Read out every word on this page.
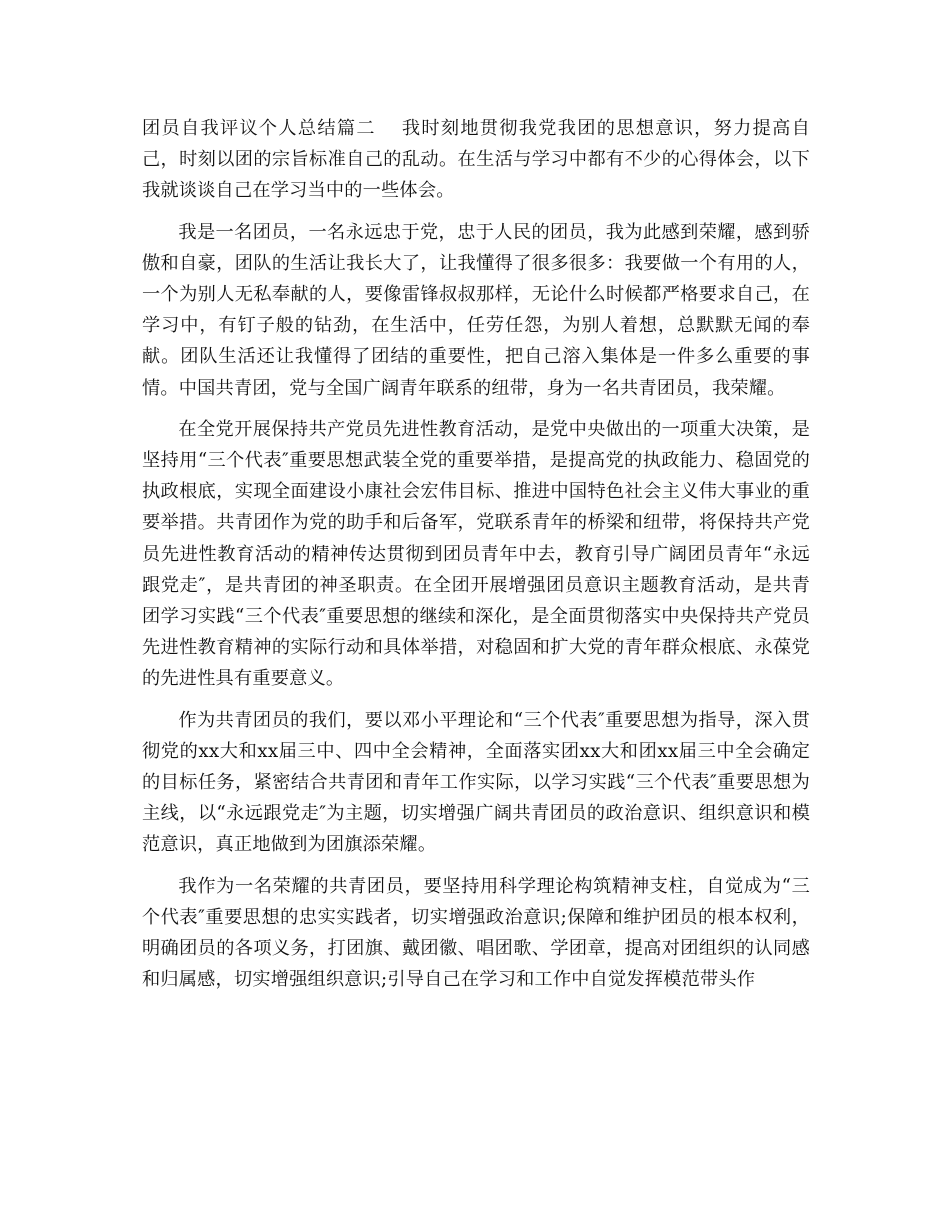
团员自我评议个人总结篇二 我时刻地贯彻我党我团的思想意识，努力提高自己，时刻以团的宗旨标准自己的乱动。在生活与学习中都有不少的心得体会，以下我就谈谈自己在学习当中的一些体会。

我是一名团员，一名永远忠于党，忠于人民的团员，我为此感到荣耀，感到骄傲和自豪，团队的生活让我长大了，让我懂得了很多很多：我要做一个有用的人，一个为别人无私奉献的人，要像雷锋叔叔那样，无论什么时候都严格要求自己，在学习中，有钉子般的钻劲，在生活中，任劳任怨，为别人着想，总默默无闻的奉献。团队生活还让我懂得了团结的重要性，把自己溶入集体是一件多么重要的事情。中国共青团，党与全国广阔青年联系的纽带，身为一名共青团员，我荣耀。

在全党开展保持共产党员先进性教育活动，是党中央做出的一项重大决策，是坚持用“三个代表″重要思想武装全党的重要举措，是提高党的执政能力、稳固党的执政根底，实现全面建设小康社会宏伟目标、推进中国特色社会主义伟大事业的重要举措。共青团作为党的助手和后备军，党联系青年的桥梁和纽带，将保持共产党员先进性教育活动的精神传达贯彻到团员青年中去，教育引导广阔团员青年“永远跟党走″，是共青团的神圣职责。在全团开展增强团员意识主题教育活动，是共青团学习实践“三个代表″重要思想的继续和深化，是全面贯彻落实中央保持共产党员先进性教育精神的实际行动和具体举措，对稳固和扩大党的青年群众根底、永葆党的先进性具有重要意义。

作为共青团员的我们，要以邓小平理论和“三个代表″重要思想为指导，深入贯彻党的xx大和xx届三中、四中全会精神，全面落实团xx大和团xx届三中全会确定的目标任务，紧密结合共青团和青年工作实际，以学习实践“三个代表″重要思想为主线，以“永远跟党走″为主题，切实增强广阔共青团员的政治意识、组织意识和模范意识，真正地做到为团旗添荣耀。

我作为一名荣耀的共青团员，要坚持用科学理论构筑精神支柱，自觉成为“三个代表″重要思想的忠实实践者，切实增强政治意识;保障和维护团员的根本权利，明确团员的各项义务，打团旗、戴团徽、唱团歌、学团章，提高对团组织的认同感和归属感，切实增强组织意识;引导自己在学习和工作中自觉发挥模范带头作
